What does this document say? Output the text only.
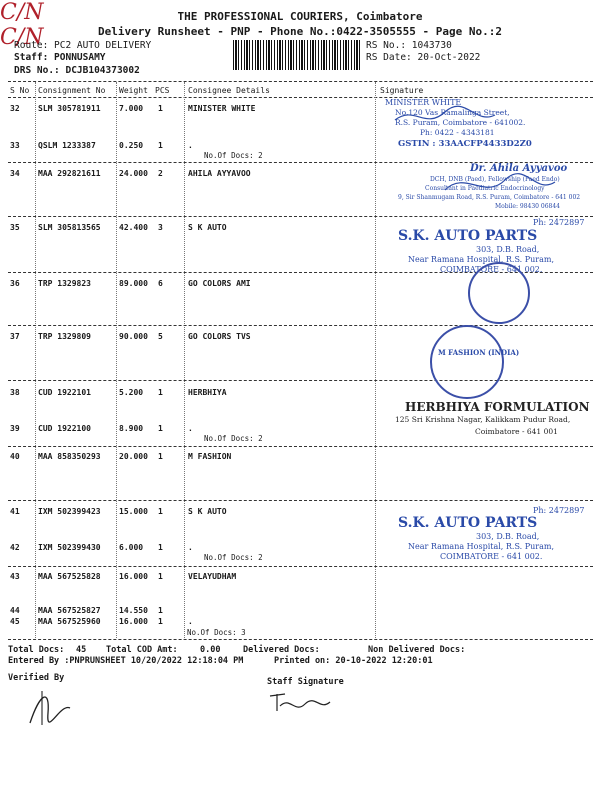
THE PROFESSIONAL COURIERS, Coimbatore
Delivery Runsheet - PNP - Phone No.:0422-3505555 - Page No.:2
Route: PC2 AUTO DELIVERY
Staff: PONNUSAMY
DRS No.: DCJB104373002
RS No.: 1043730
RS Date: 20-Oct-2022
S No Consignment No Weight PCS Consignee Details	Signature
32 SLM 305781911 7.000 1	MINISTER WHITE
33 QSLM 1233387	0.250 1	.
No.Of Docs: 2
34 MAA 292821611 24.000 2	AHILA AYYAVOO
35 SLM 305813565 42.400 3	S K AUTO
36 TRP 1329823	89.000 6	GO COLORS AMI
37 TRP 1329809	90.000 5	GO COLORS TVS
38 CUD 1922101	5.200 1	HERBHIYA
39 CUD 1922100	8.900 1	.
No.Of Docs: 2
40 MAA 858350293 20.000 1	M FASHION
41 IXM 502399423 15.000 1	S K AUTO
42 IXM 502399430 6.000 1	.
No.Of Docs: 2
43 MAA 567525828 16.000 1	VELAYUDHAM
44 MAA 567525827 14.550 1
45 MAA 567525960 16.000 1	.
No.Of Docs: 3
MINISTER WHITE
No.120 Vas Ramalinga Street,
R.S. Puram, Coimbatore - 641002.
Ph: 0422 - 4343181
GSTIN : 33AACFP4433D2Z0
Dr. Ahila Ayyavoo
DCH, DNB (Paed), Fellowship (Paed Endo)
Consultant in Paediatric Endocrinology
9, Sir Shanmugam Road, R.S. Puram, Coimbatore - 641 002
Mobile: 98430 06844
Ph: 2472897
S.K. AUTO PARTS
303, D.B. Road,
Near Ramana Hospital, R.S. Puram,
COIMBATORE - 641 002.
M FASHION (INDIA)
HERBHIYA FORMULATION
125 Sri Krishna Nagar, Kalikkam Pudur Road,
Coimbatore - 641 001
C/N
Ph: 2472897
S.K. AUTO PARTS
303, D.B. Road,
Near Ramana Hospital, R.S. Puram,
COIMBATORE - 641 002.
C/N
Total Docs: 45 Total COD Amt:	0.00	Delivered Docs:	Non Delivered Docs:
Entered By :PNPRUNSHEET 10/20/2022 12:18:04 PM	Printed on: 20-10-2022 12:20:01
Verified By	Staff Signature
